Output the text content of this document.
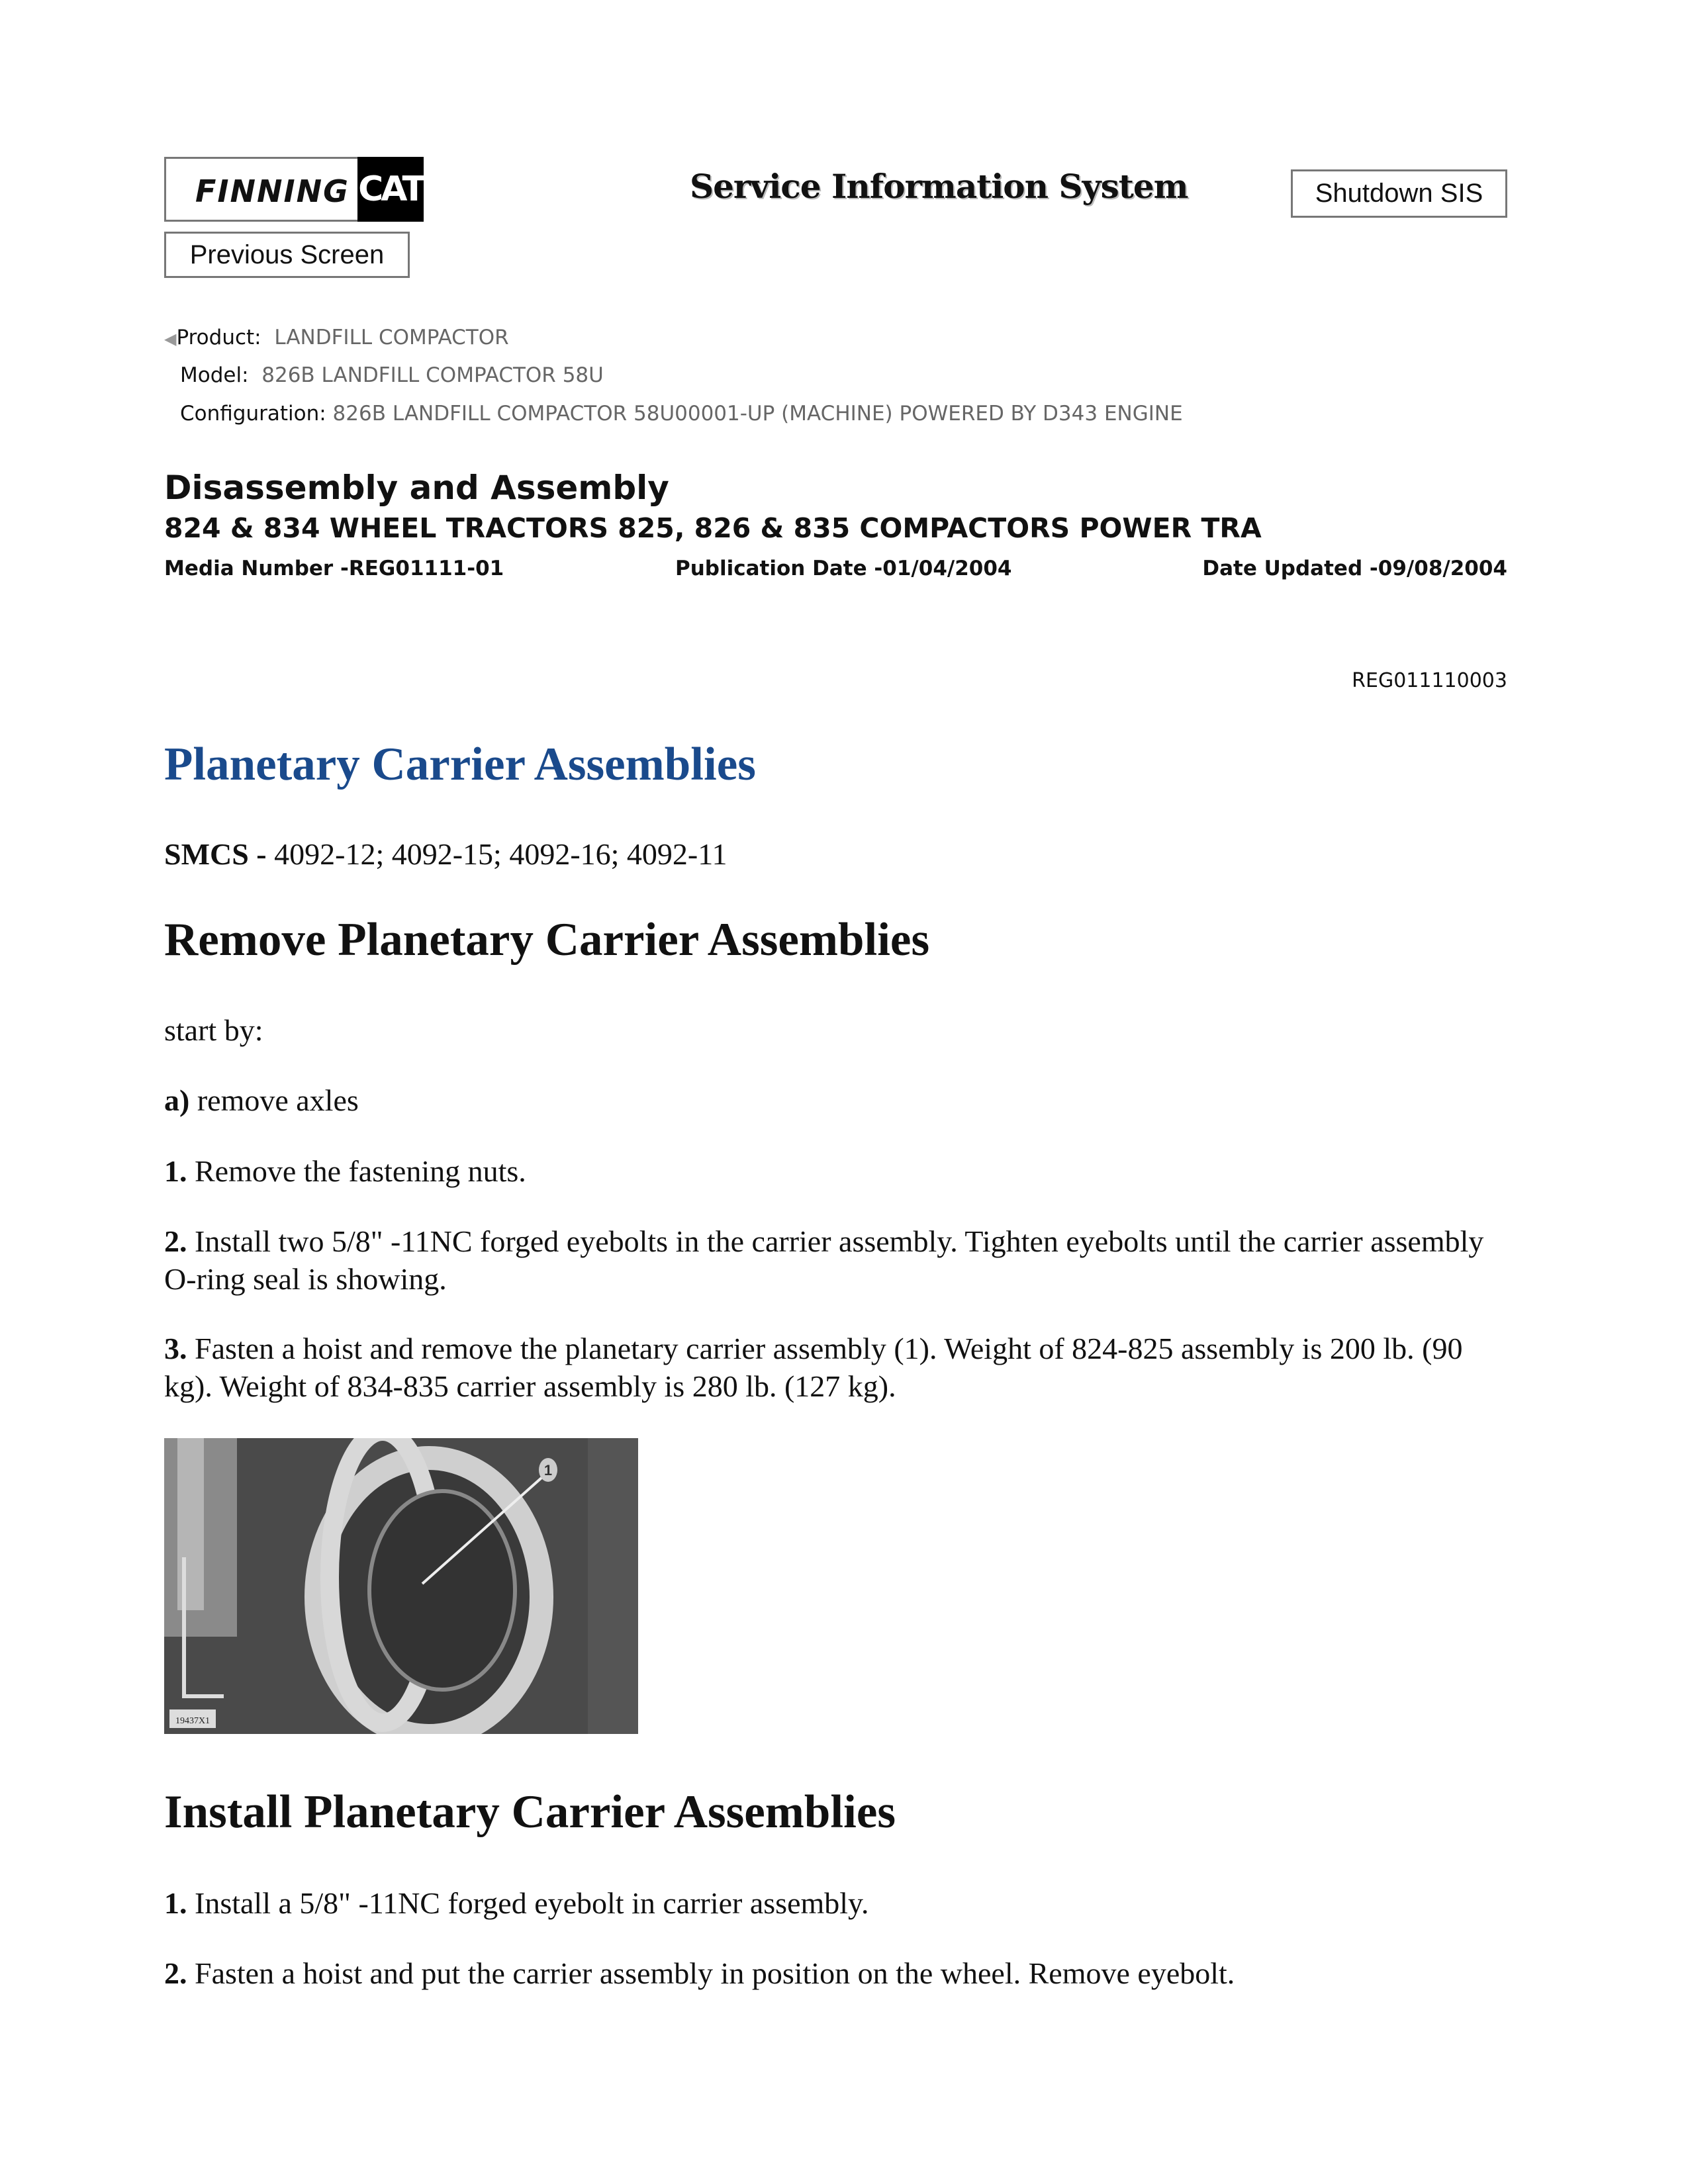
FINNING CAT
Previous Screen
Service Information System	Shutdown SIS
◀Product: LANDFILL COMPACTOR
Model: 826B LANDFILL COMPACTOR 58U
Configuration: 826B LANDFILL COMPACTOR 58U00001-UP (MACHINE) POWERED BY D343 ENGINE
Disassembly and Assembly
824 & 834 WHEEL TRACTORS 825, 826 & 835 COMPACTORS POWER TRA
Media Number -REG01111-01	Publication Date -01/04/2004	Date Updated -09/08/2004
REG011110003
Planetary Carrier Assemblies
SMCS - 4092-12; 4092-15; 4092-16; 4092-11
Remove Planetary Carrier Assemblies
start by:
a) remove axles
1. Remove the fastening nuts.
2. Install two 5/8" -11NC forged eyebolts in the carrier assembly. Tighten eyebolts until the carrier assembly O-ring seal is showing.
3. Fasten a hoist and remove the planetary carrier assembly (1). Weight of 824-825 assembly is 200 lb. (90 kg). Weight of 834-835 carrier assembly is 280 lb. (127 kg).
1
19437X1
Install Planetary Carrier Assemblies
1. Install a 5/8" -11NC forged eyebolt in carrier assembly.
2. Fasten a hoist and put the carrier assembly in position on the wheel. Remove eyebolt.
